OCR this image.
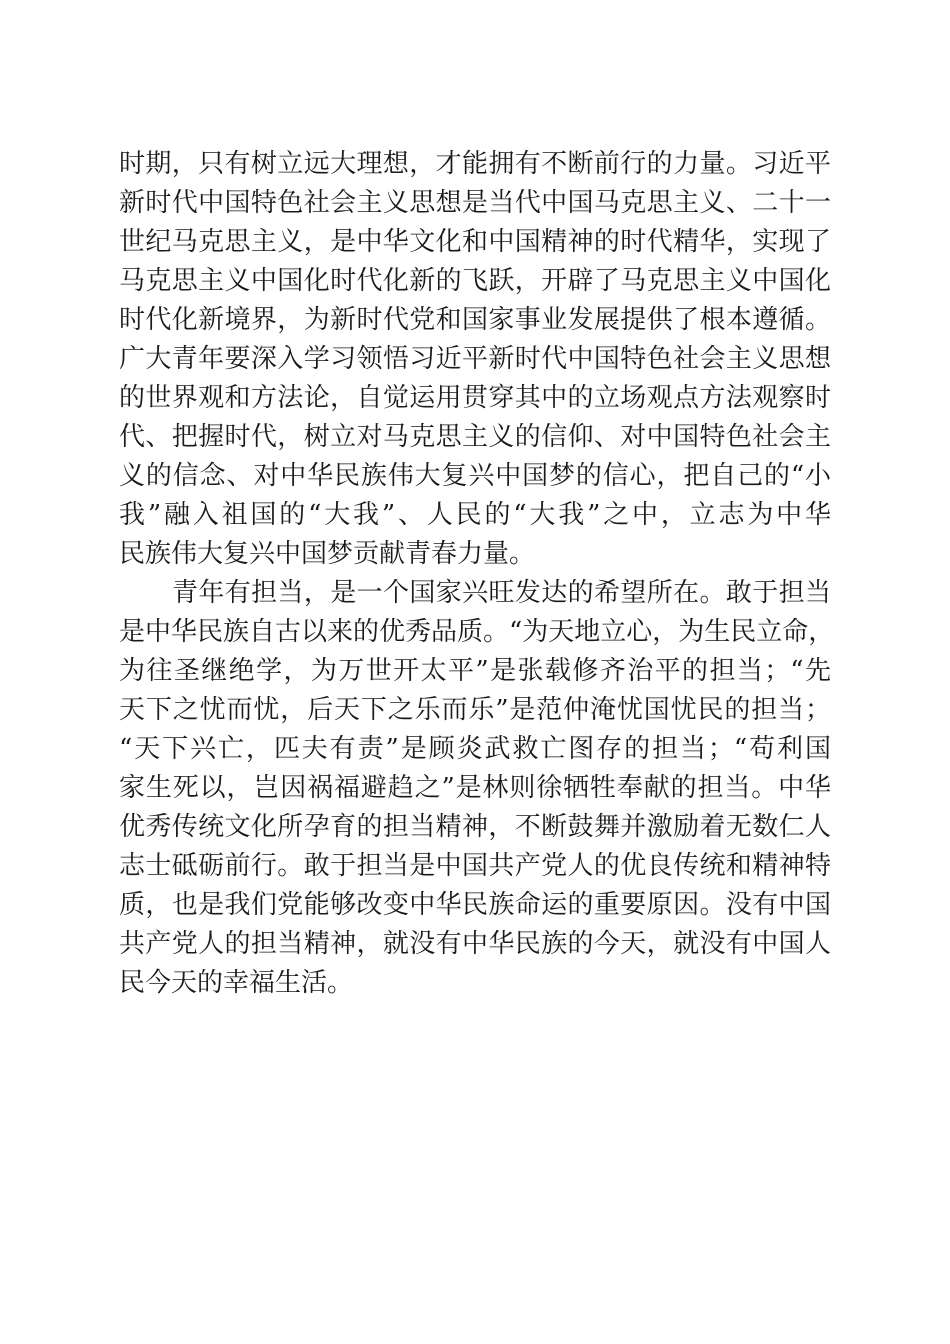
时期，只有树立远大理想，才能拥有不断前行的力量。习近平
新时代中国特色社会主义思想是当代中国马克思主义、二十一
世纪马克思主义，是中华文化和中国精神的时代精华，实现了
马克思主义中国化时代化新的飞跃，开辟了马克思主义中国化
时代化新境界，为新时代党和国家事业发展提供了根本遵循。
广大青年要深入学习领悟习近平新时代中国特色社会主义思想
的世界观和方法论，自觉运用贯穿其中的立场观点方法观察时
代、把握时代，树立对马克思主义的信仰、对中国特色社会主
义的信念、对中华民族伟大复兴中国梦的信心，把自己的“小
我”融入祖国的“大我”、人民的“大我”之中，立志为中华
民族伟大复兴中国梦贡献青春力量。
青年有担当，是一个国家兴旺发达的希望所在。敢于担当
是中华民族自古以来的优秀品质。“为天地立心，为生民立命，
为往圣继绝学，为万世开太平”是张载修齐治平的担当；“先
天下之忧而忧，后天下之乐而乐”是范仲淹忧国忧民的担当；
“天下兴亡，匹夫有责”是顾炎武救亡图存的担当；“苟利国
家生死以，岂因祸福避趋之”是林则徐牺牲奉献的担当。中华
优秀传统文化所孕育的担当精神，不断鼓舞并激励着无数仁人
志士砥砺前行。敢于担当是中国共产党人的优良传统和精神特
质，也是我们党能够改变中华民族命运的重要原因。没有中国
共产党人的担当精神，就没有中华民族的今天，就没有中国人
民今天的幸福生活。
